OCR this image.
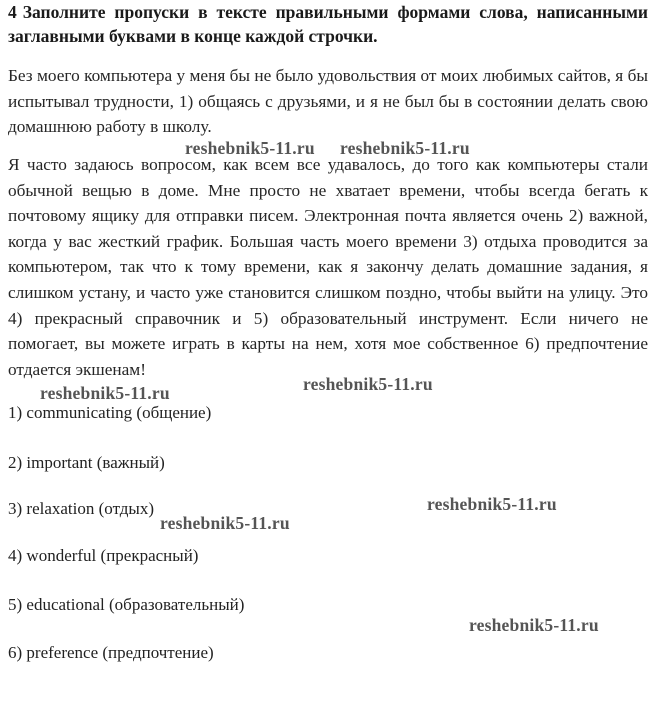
4 Заполните пропуски в тексте правильными формами слова, написанными заглавными буквами в конце каждой строчки.

Без моего компьютера у меня бы не было удовольствия от моих любимых сайтов, я бы испытывал трудности, 1) общаясь с друзьями, и я не был бы в состоянии делать свою домашнюю работу в школу.

Я часто задаюсь вопросом, как всем все удавалось, до того как компьютеры стали обычной вещью в доме. Мне просто не хватает времени, чтобы всегда бегать к почтовому ящику для отправки писем. Электронная почта является очень 2) важной, когда у вас жесткий график. Большая часть моего времени 3) отдыха проводится за компьютером, так что к тому времени, как я закончу делать домашние задания, я слишком устану, и часто уже становится слишком поздно, чтобы выйти на улицу. Это 4) прекрасный справочник и 5) образовательный инструмент. Если ничего не помогает, вы можете играть в карты на нем, хотя мое собственное 6) предпочтение отдается экшенам!

1) communicating (общение)
2) important (важный)
3) relaxation (отдых)
4) wonderful (прекрасный)
5) educational (образовательный)
6) preference (предпочтение)
reshebnik5-11.ru reshebnik5-11.ru
reshebnik5-11.ru	reshebnik5-11.ru
reshebnik5-11.ru
reshebnik5-11.ru
reshebnik5-11.ru
